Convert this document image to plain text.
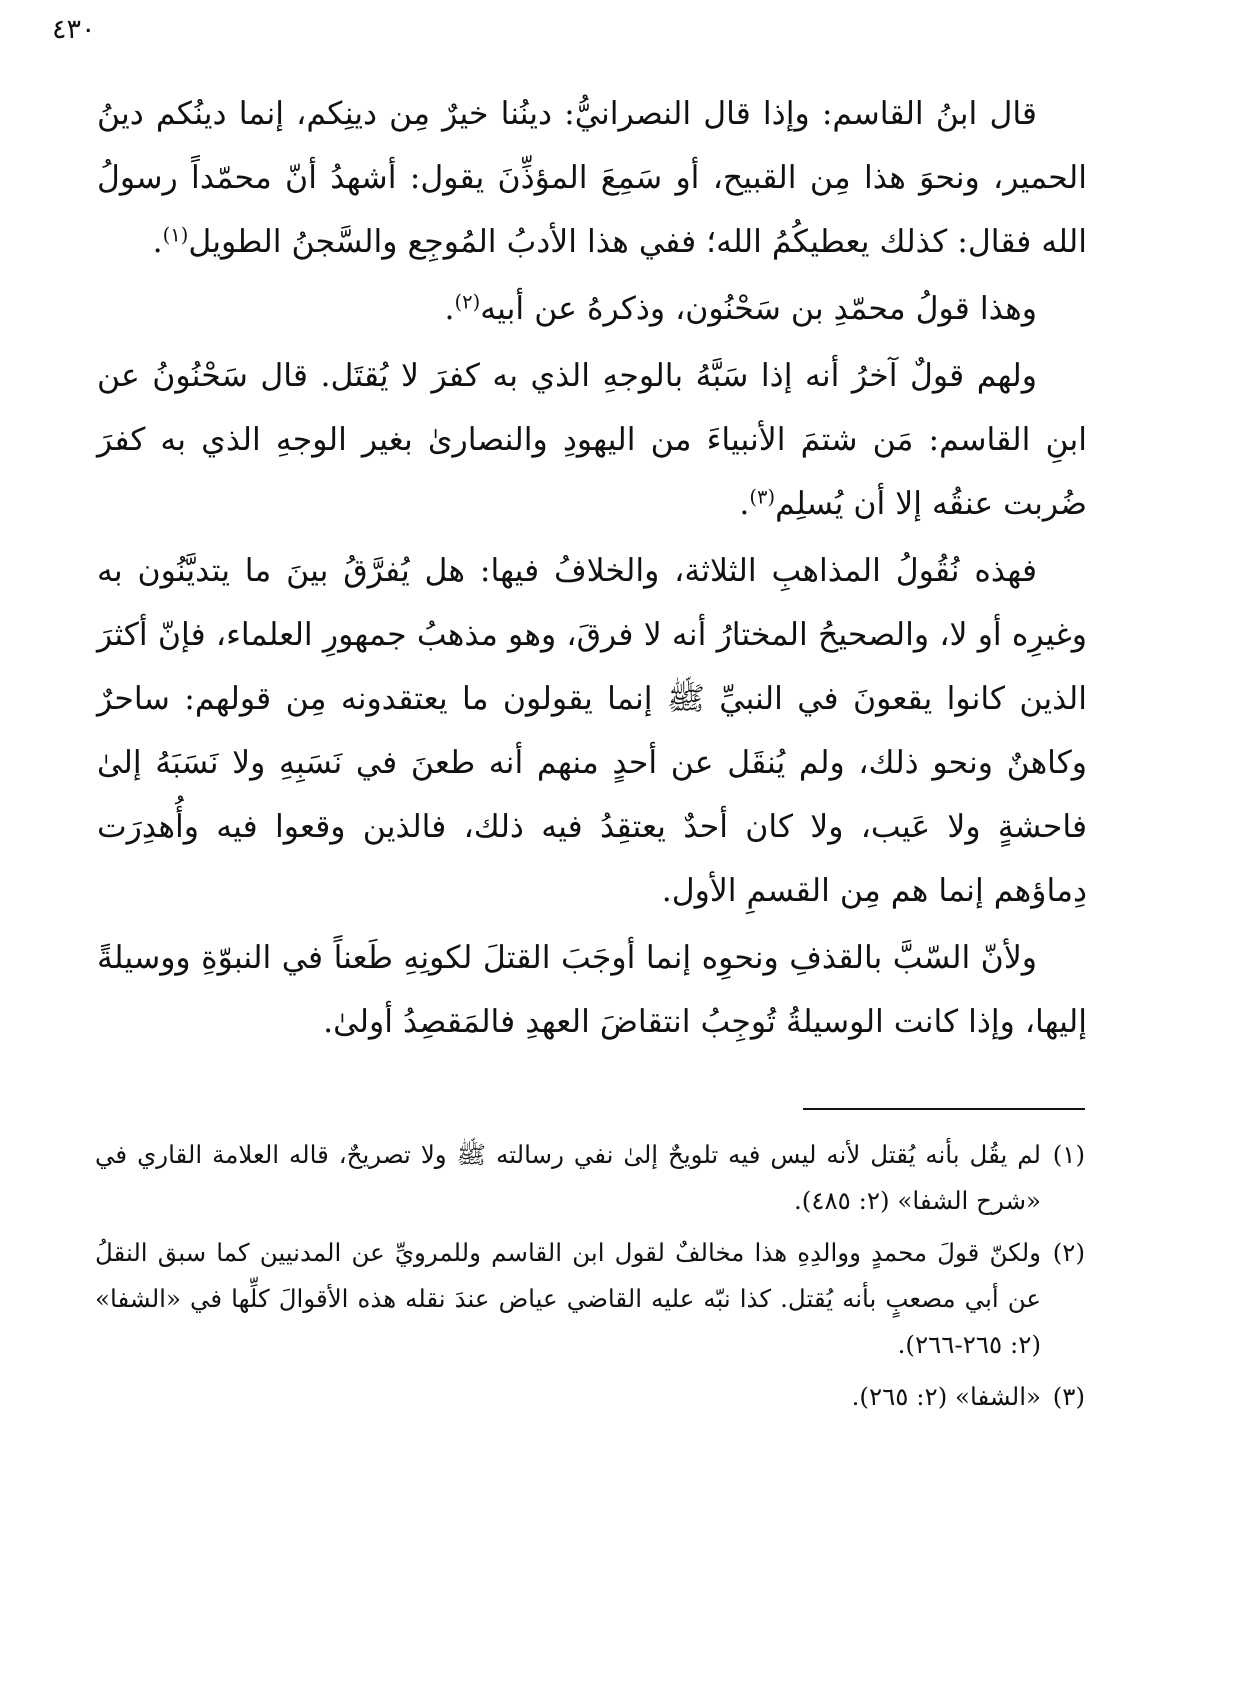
٤٣٠

قال ابنُ القاسم: وإذا قال النصرانيُّ: دينُنا خيرٌ مِن دينِكم، إنما دينُكم دينُ الحمير، ونحوَ هذا مِن القبيح، أو سَمِعَ المؤذِّنَ يقول: أشهدُ أنّ محمّداً رسولُ الله فقال: كذلك يعطيكُمُ الله؛ ففي هذا الأدبُ المُوجِع والسَّجنُ الطويل$^{(١)}$.

وهذا قولُ محمّدِ بن سَحْنُون، وذكرهُ عن أبيه$^{(٢)}$.

ولهم قولٌ آخرُ أنه إذا سَبَّهُ بالوجهِ الذي به كفرَ لا يُقتَل. قال سَحْنُونُ عن ابنِ القاسم: مَن شتمَ الأنبياءَ من اليهودِ والنصارىٰ بغير الوجهِ الذي به كفرَ ضُربت عنقُه إلا أن يُسلِم$^{(٣)}$.

فهذه نُقُولُ المذاهبِ الثلاثة، والخلافُ فيها: هل يُفرَّقُ بينَ ما يتديَّنُون به وغيرِه أو لا، والصحيحُ المختارُ أنه لا فرقَ، وهو مذهبُ جمهورِ العلماء، فإنّ أكثرَ الذين كانوا يقعونَ في النبيِّ ﷺ إنما يقولون ما يعتقدونه مِن قولهم: ساحرٌ وكاهنٌ ونحو ذلك، ولم يُنقَل عن أحدٍ منهم أنه طعنَ في نَسَبِهِ ولا نَسَبَهُ إلىٰ فاحشةٍ ولا عَيب، ولا كان أحدٌ يعتقِدُ فيه ذلك، فالذين وقعوا فيه وأُهدِرَت دِماؤهم إنما هم مِن القسمِ الأول.

ولأنّ السّبَّ بالقذفِ ونحوِه إنما أوجَبَ القتلَ لكونِهِ طَعناً في النبوّةِ ووسيلةً إليها، وإذا كانت الوسيلةُ تُوجِبُ انتقاضَ العهدِ فالمَقصِدُ أولىٰ.

(١)
لم يقُل بأنه يُقتل لأنه ليس فيه تلويحٌ إلىٰ نفي رسالته ﷺ ولا تصريحٌ، قاله العلامة القاري في «شرح الشفا» (٢: ٤٨٥).
(٢)
ولكنّ قولَ محمدٍ ووالدِهِ هذا مخالفٌ لقول ابن القاسم وللمرويِّ عن المدنيين كما سبق النقلُ عن أبي مصعبٍ بأنه يُقتل. كذا نبّه عليه القاضي عياض عندَ نقله هذه الأقوالَ كلِّها في «الشفا» (٢: ٢٦٥-٢٦٦).
(٣)
«الشفا» (٢: ٢٦٥).
